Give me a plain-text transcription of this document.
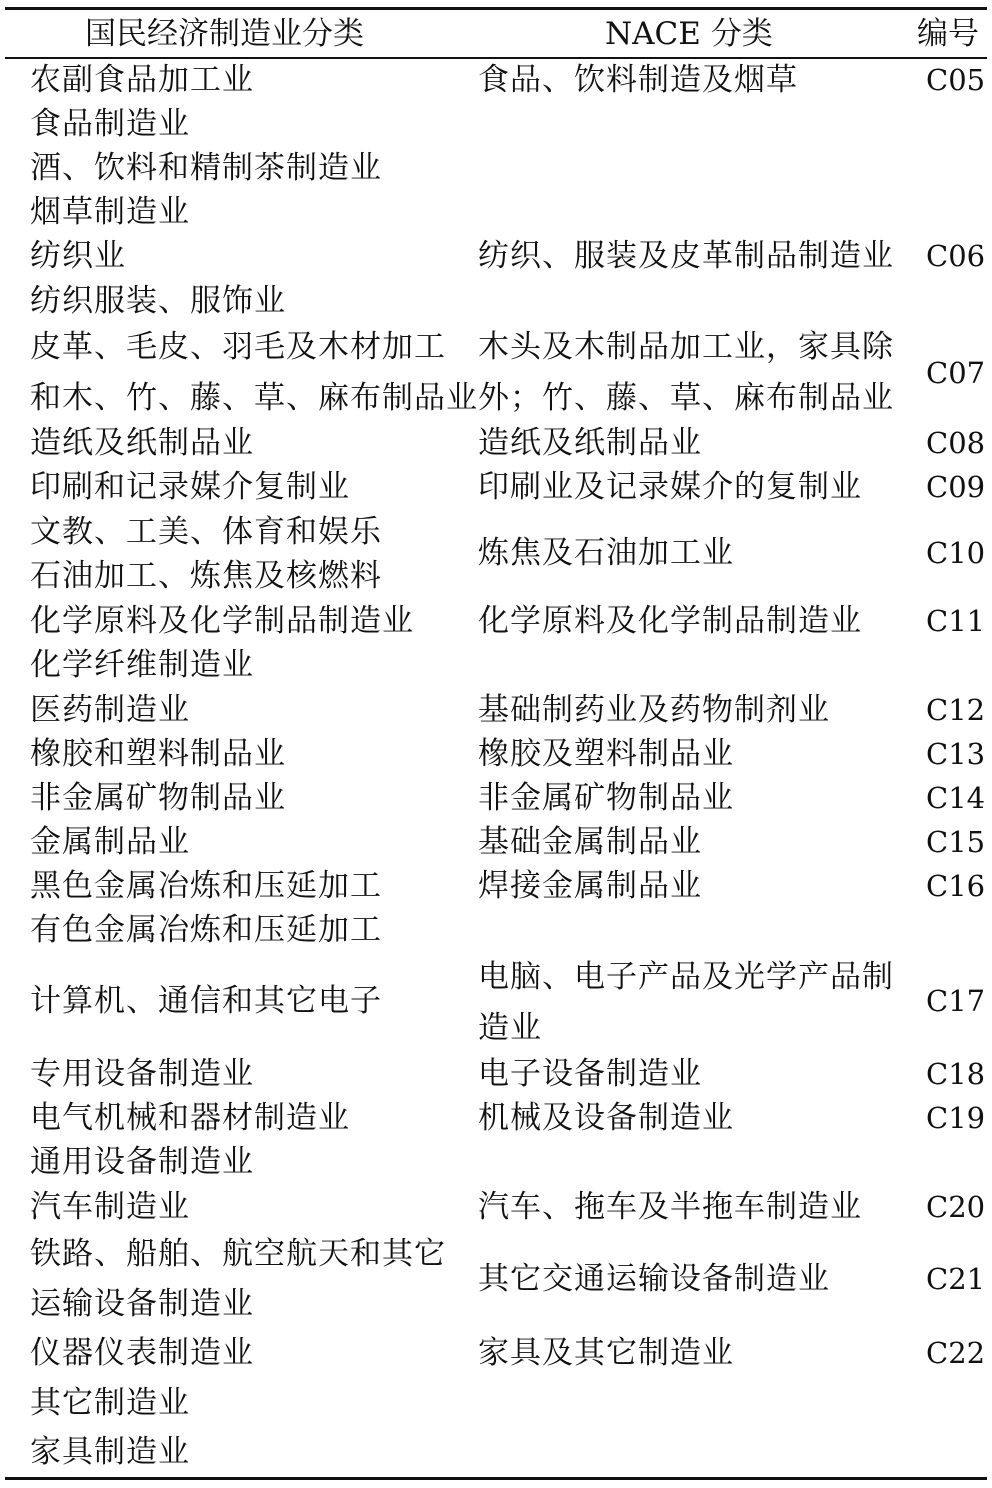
国民经济制造业分类	NACE 分类	编号
农副食品加工业
食品制造业
酒、饮料和精制茶制造业
烟草制造业
纺织业
纺织服装、服饰业
皮革、毛皮、羽毛及木材加工
和木、竹、藤、草、麻布制品业
造纸及纸制品业
印刷和记录媒介复制业
文教、工美、体育和娱乐
石油加工、炼焦及核燃料
化学原料及化学制品制造业
化学纤维制造业
医药制造业
橡胶和塑料制品业
非金属矿物制品业
金属制品业
黑色金属冶炼和压延加工
有色金属冶炼和压延加工
计算机、通信和其它电子
专用设备制造业
电气机械和器材制造业
通用设备制造业
汽车制造业
铁路、船舶、航空航天和其它
运输设备制造业
仪器仪表制造业
其它制造业
家具制造业
食品、饮料制造及烟草
纺织、服装及皮革制品制造业
木头及木制品加工业，家具除
外；竹、藤、草、麻布制品业
造纸及纸制品业
印刷业及记录媒介的复制业
炼焦及石油加工业
化学原料及化学制品制造业
基础制药业及药物制剂业
橡胶及塑料制品业
非金属矿物制品业
基础金属制品业
焊接金属制品业
电脑、电子产品及光学产品制
造业
电子设备制造业
机械及设备制造业
汽车、拖车及半拖车制造业
其它交通运输设备制造业
家具及其它制造业
C05
C06
C07
C08
C09
C10
C11
C12
C13
C14
C15
C16
C17
C18
C19
C20
C21
C22
